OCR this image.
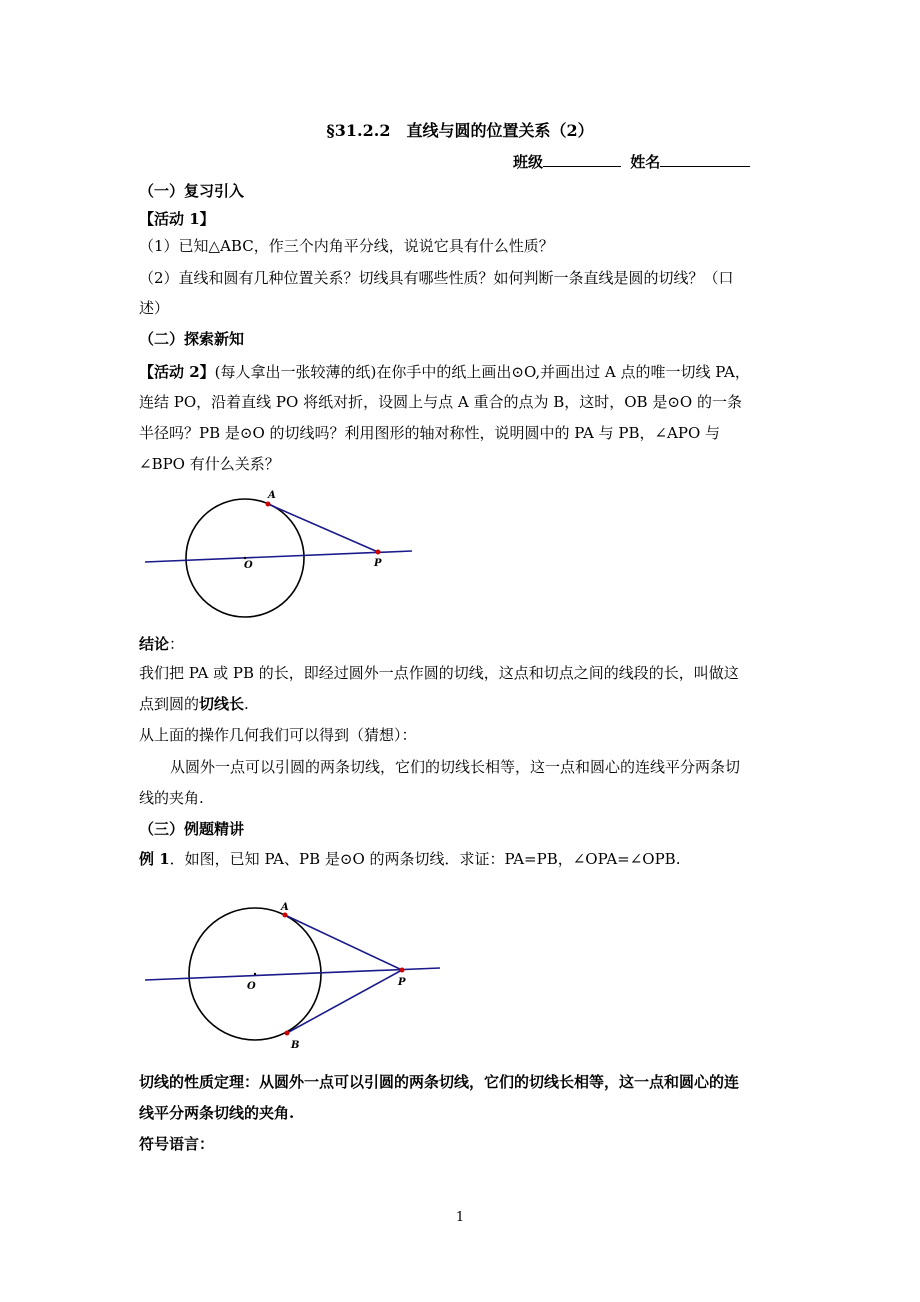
§31.2.2　直线与圆的位置关系（2）
班级	姓名
（一）复习引入
【活动 1】
（1）已知△ABC，作三个内角平分线，说说它具有什么性质？
（2）直线和圆有几种位置关系？切线具有哪些性质？如何判断一条直线是圆的切线？（口
述）
（二）探索新知
【活动 2】(每人拿出一张较薄的纸)在你手中的纸上画出⊙O,并画出过 A 点的唯一切线 PA，
连结 PO，沿着直线 PO 将纸对折，设圆上与点 A 重合的点为 B，这时，OB 是⊙O 的一条
半径吗？PB 是⊙O 的切线吗？利用图形的轴对称性，说明圆中的 PA 与 PB，∠APO 与
∠BPO 有什么关系？
A
O	P
结论：
我们把 PA 或 PB 的长，即经过圆外一点作圆的切线，这点和切点之间的线段的长，叫做这
点到圆的切线长.
从上面的操作几何我们可以得到（猜想）：
从圆外一点可以引圆的两条切线，它们的切线长相等，这一点和圆心的连线平分两条切
线的夹角.
（三）例题精讲
例 1．如图，已知 PA、PB 是⊙O 的两条切线．求证：PA=PB，∠OPA=∠OPB.
A
O	P
B
切线的性质定理：从圆外一点可以引圆的两条切线，它们的切线长相等，这一点和圆心的连
线平分两条切线的夹角.
符号语言：
1
